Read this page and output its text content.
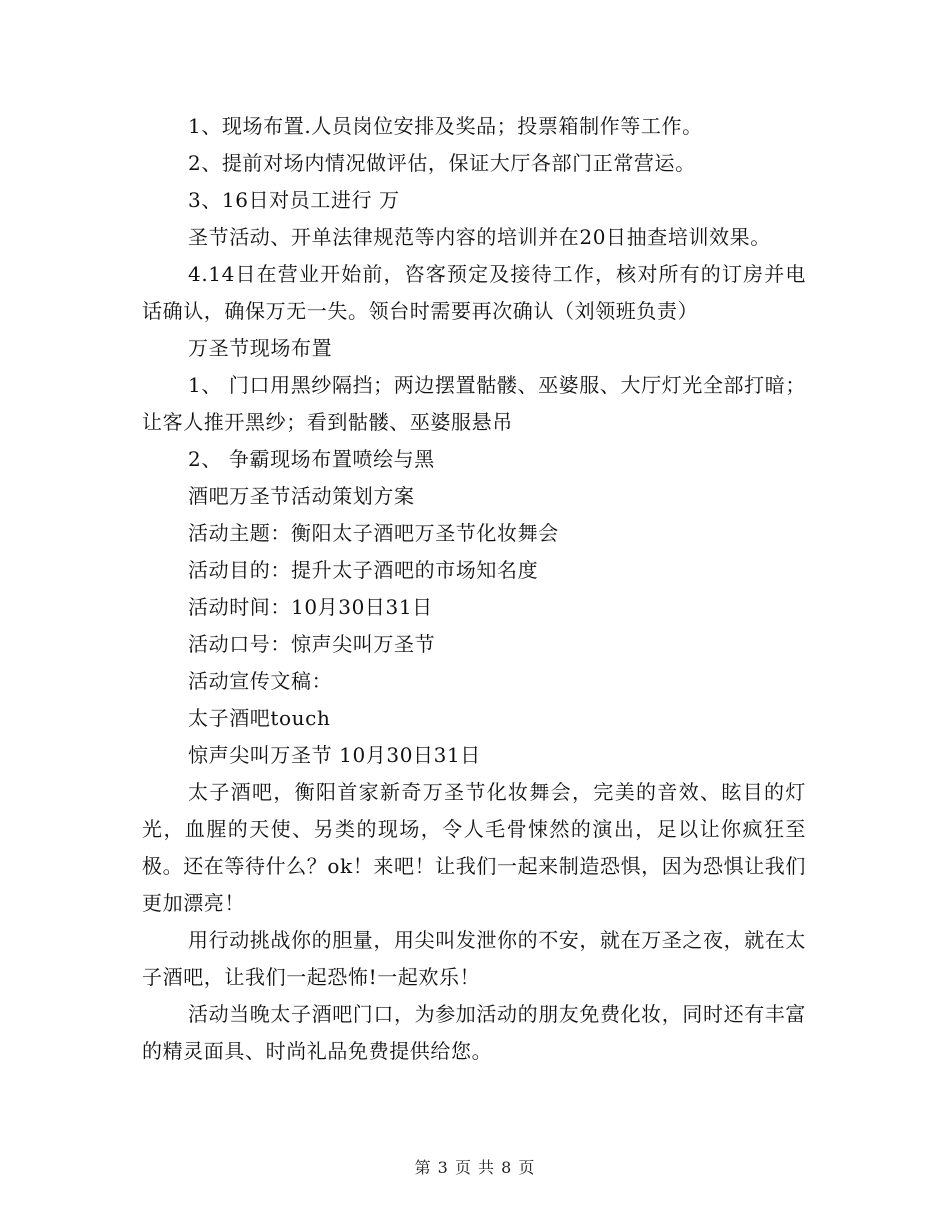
1、现场布置.人员岗位安排及奖品；投票箱制作等工作。

2、提前对场内情况做评估，保证大厅各部门正常营运。

3、16日对员工进行 万

圣节活动、开单法律规范等内容的培训并在20日抽查培训效果。

4.14日在营业开始前，咨客预定及接待工作，核对所有的订房并电话确认，确保万无一失。领台时需要再次确认（刘领班负责）

万圣节现场布置

1、 门口用黑纱隔挡；两边摆置骷髅、巫婆服、大厅灯光全部打暗；让客人推开黑纱；看到骷髅、巫婆服悬吊

2、 争霸现场布置喷绘与黑

酒吧万圣节活动策划方案

活动主题：衡阳太子酒吧万圣节化妆舞会

活动目的：提升太子酒吧的市场知名度

活动时间：10月30日31日

活动口号：惊声尖叫万圣节

活动宣传文稿：

太子酒吧touch

惊声尖叫万圣节 10月30日31日

太子酒吧，衡阳首家新奇万圣节化妆舞会，完美的音效、眩目的灯光，血腥的天使、另类的现场，令人毛骨悚然的演出，足以让你疯狂至极。还在等待什么？ok！来吧！让我们一起来制造恐惧，因为恐惧让我们更加漂亮！

用行动挑战你的胆量，用尖叫发泄你的不安，就在万圣之夜，就在太子酒吧，让我们一起恐怖!一起欢乐！

活动当晚太子酒吧门口，为参加活动的朋友免费化妆，同时还有丰富的精灵面具、时尚礼品免费提供给您。

第 3 页 共 8 页
